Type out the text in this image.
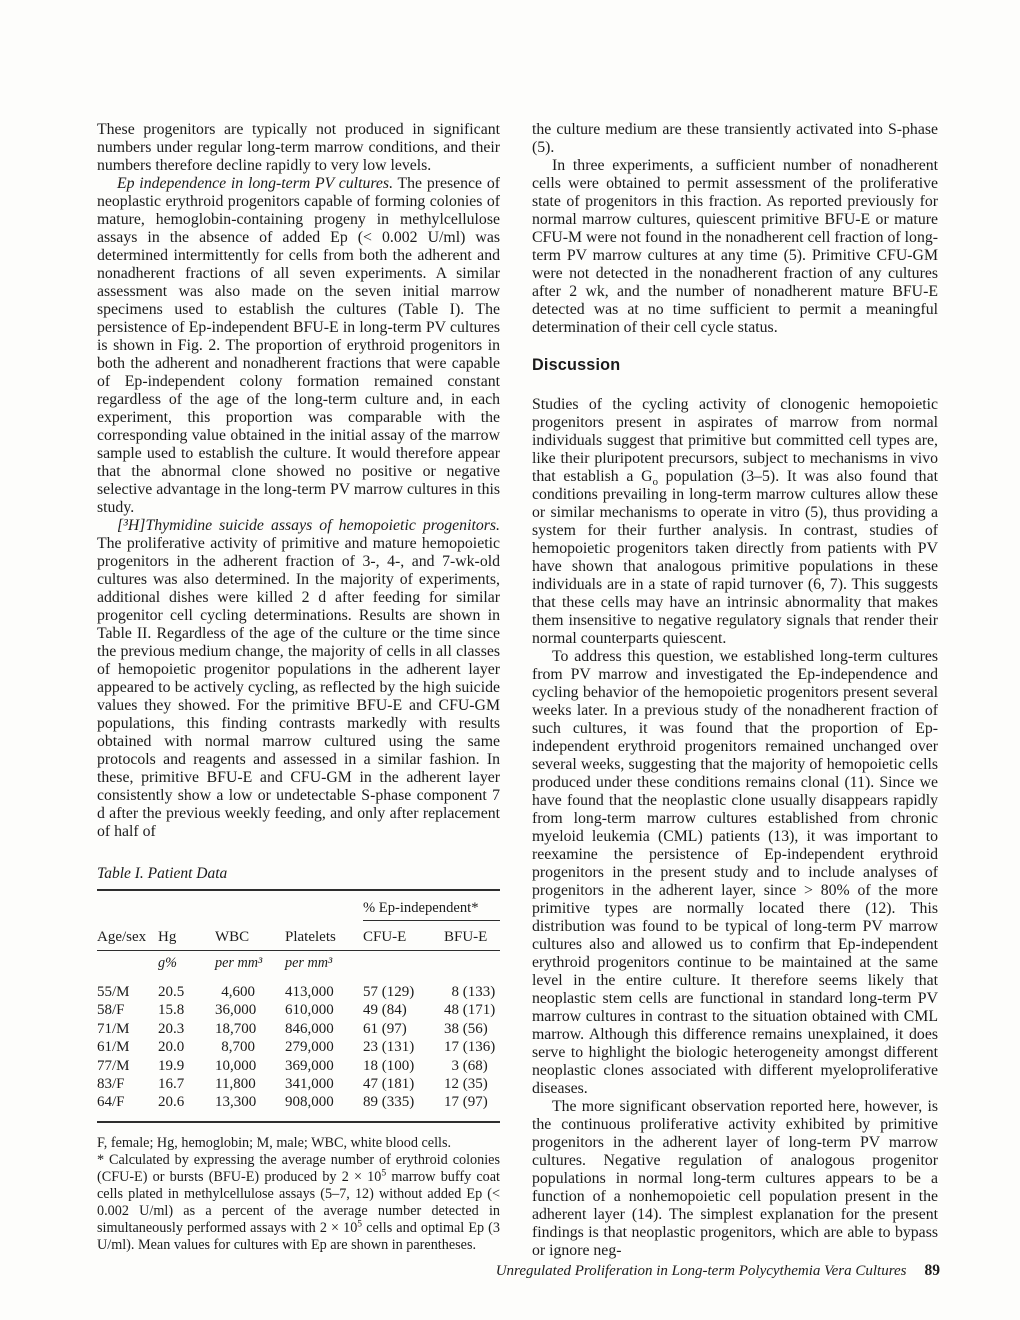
These progenitors are typically not produced in significant numbers under regular long-term marrow conditions, and their numbers therefore decline rapidly to very low levels.

Ep independence in long-term PV cultures. The presence of neoplastic erythroid progenitors capable of forming colonies of mature, hemoglobin-containing progeny in methylcellulose assays in the absence of added Ep (< 0.002 U/ml) was determined intermittently for cells from both the adherent and nonadherent fractions of all seven experiments. A similar assessment was also made on the seven initial marrow specimens used to establish the cultures (Table I). The persistence of Ep-independent BFU-E in long-term PV cultures is shown in Fig. 2. The proportion of erythroid progenitors in both the adherent and nonadherent fractions that were capable of Ep-independent colony formation remained constant regardless of the age of the long-term culture and, in each experiment, this proportion was comparable with the corresponding value obtained in the initial assay of the marrow sample used to establish the culture. It would therefore appear that the abnormal clone showed no positive or negative selective advantage in the long-term PV marrow cultures in this study.

[³H]Thymidine suicide assays of hemopoietic progenitors. The proliferative activity of primitive and mature hemopoietic progenitors in the adherent fraction of 3-, 4-, and 7-wk-old cultures was also determined. In the majority of experiments, additional dishes were killed 2 d after feeding for similar progenitor cell cycling determinations. Results are shown in Table II. Regardless of the age of the culture or the time since the previous medium change, the majority of cells in all classes of hemopoietic progenitor populations in the adherent layer appeared to be actively cycling, as reflected by the high suicide values they showed. For the primitive BFU-E and CFU-GM populations, this finding contrasts markedly with results obtained with normal marrow cultured using the same protocols and reagents and assessed in a similar fashion. In these, primitive BFU-E and CFU-GM in the adherent layer consistently show a low or undetectable S-phase component 7 d after the previous weekly feeding, and only after replacement of half of

Table I. Patient Data
				% Ep-independent*	
Age/sex	Hg	WBC	Platelets	CFU-E	BFU-E
	g%	per mm³	per mm³		
55/M	20.5	4,600	413,000	57 (129)	8 (133)
58/F	15.8	36,000	610,000	49 (84)	48 (171)
71/M	20.3	18,700	846,000	61 (97)	38 (56)
61/M	20.0	8,700	279,000	23 (131)	17 (136)
77/M	19.9	10,000	369,000	18 (100)	3 (68)
83/F	16.7	11,800	341,000	47 (181)	12 (35)
64/F	20.6	13,300	908,000	89 (335)	17 (97)

F, female; Hg, hemoglobin; M, male; WBC, white blood cells.

* Calculated by expressing the average number of erythroid colonies (CFU-E) or bursts (BFU-E) produced by $2 \times 10^5$ marrow buffy coat cells plated in methylcellulose assays (5–7, 12) without added Ep (< 0.002 U/ml) as a percent of the average number detected in simultaneously performed assays with $2 \times 10^5$ cells and optimal Ep (3 U/ml). Mean values for cultures with Ep are shown in parentheses.

the culture medium are these transiently activated into S-phase (5).

In three experiments, a sufficient number of nonadherent cells were obtained to permit assessment of the proliferative state of progenitors in this fraction. As reported previously for normal marrow cultures, quiescent primitive BFU-E or mature CFU-M were not found in the nonadherent cell fraction of long-term PV marrow cultures at any time (5). Primitive CFU-GM were not detected in the nonadherent fraction of any cultures after 2 wk, and the number of nonadherent mature BFU-E detected was at no time sufficient to permit a meaningful determination of their cell cycle status.

Discussion

Studies of the cycling activity of clonogenic hemopoietic progenitors present in aspirates of marrow from normal individuals suggest that primitive but committed cell types are, like their pluripotent precursors, subject to mechanisms in vivo that establish a $G_o$ population (3–5). It was also found that conditions prevailing in long-term marrow cultures allow these or similar mechanisms to operate in vitro (5), thus providing a system for their further analysis. In contrast, studies of hemopoietic progenitors taken directly from patients with PV have shown that analogous primitive populations in these individuals are in a state of rapid turnover (6, 7). This suggests that these cells may have an intrinsic abnormality that makes them insensitive to negative regulatory signals that render their normal counterparts quiescent.

To address this question, we established long-term cultures from PV marrow and investigated the Ep-independence and cycling behavior of the hemopoietic progenitors present several weeks later. In a previous study of the nonadherent fraction of such cultures, it was found that the proportion of Ep-independent erythroid progenitors remained unchanged over several weeks, suggesting that the majority of hemopoietic cells produced under these conditions remains clonal (11). Since we have found that the neoplastic clone usually disappears rapidly from long-term marrow cultures established from chronic myeloid leukemia (CML) patients (13), it was important to reexamine the persistence of Ep-independent erythroid progenitors in the present study and to include analyses of progenitors in the adherent layer, since > 80% of the more primitive types are normally located there (12). This distribution was found to be typical of long-term PV marrow cultures also and allowed us to confirm that Ep-independent erythroid progenitors continue to be maintained at the same level in the entire culture. It therefore seems likely that neoplastic stem cells are functional in standard long-term PV marrow cultures in contrast to the situation obtained with CML marrow. Although this difference remains unexplained, it does serve to highlight the biologic heterogeneity amongst different neoplastic clones associated with different myeloproliferative diseases.

The more significant observation reported here, however, is the continuous proliferative activity exhibited by primitive progenitors in the adherent layer of long-term PV marrow cultures. Negative regulation of analogous progenitor populations in normal long-term cultures appears to be a function of a nonhemopoietic cell population present in the adherent layer (14). The simplest explanation for the present findings is that neoplastic progenitors, which are able to bypass or ignore neg-

Unregulated Proliferation in Long-term Polycythemia Vera Cultures 89
